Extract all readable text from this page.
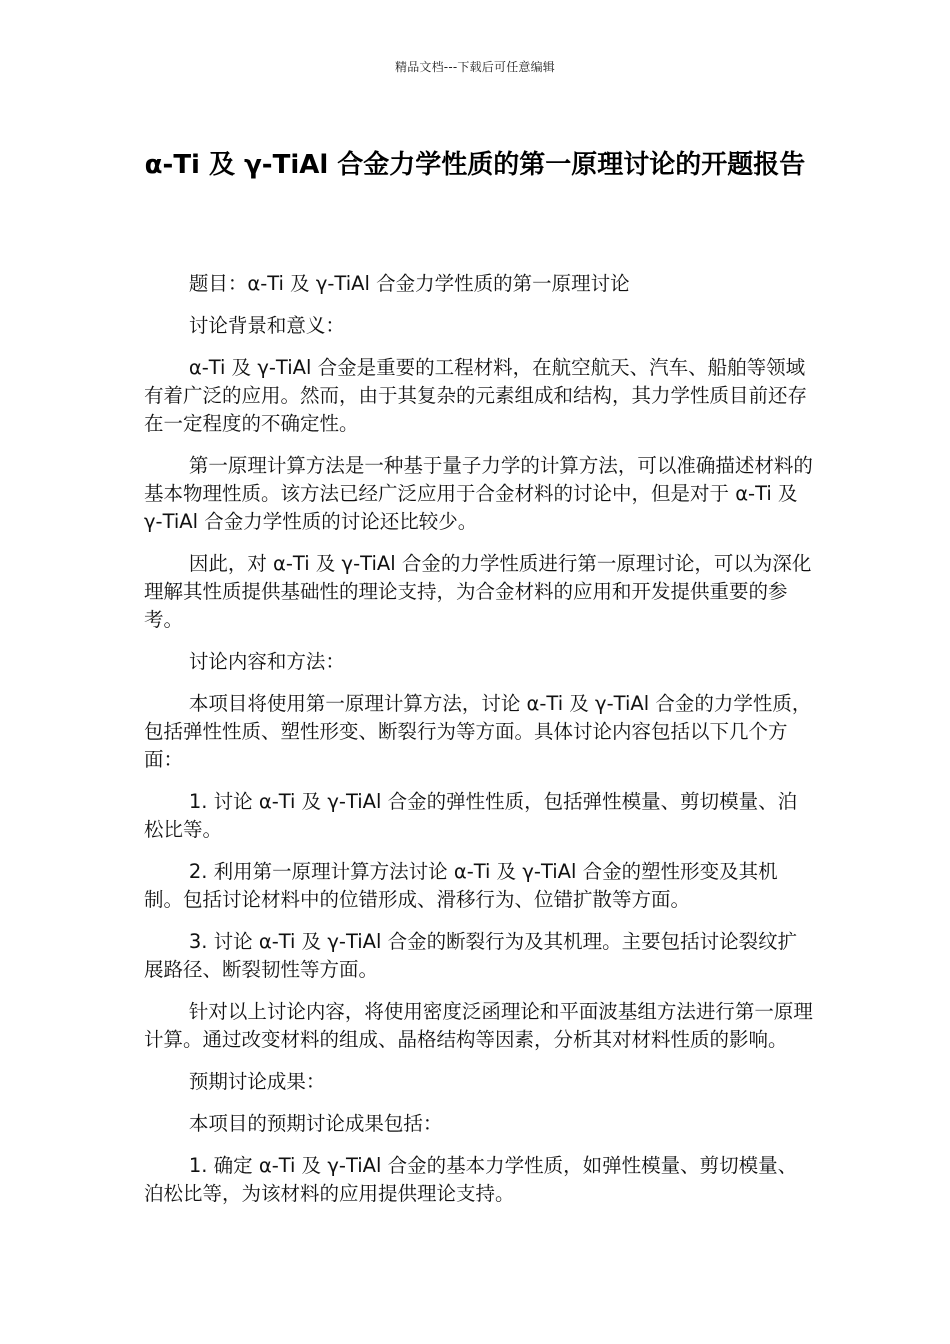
精品文档---下载后可任意编辑
α-Ti 及 γ-TiAl 合金力学性质的第一原理讨论的开题报告

题目：α-Ti 及 γ-TiAl 合金力学性质的第一原理讨论

讨论背景和意义：

α-Ti 及 γ-TiAl 合金是重要的工程材料，在航空航天、汽车、船舶等领域有着广泛的应用。然而，由于其复杂的元素组成和结构，其力学性质目前还存在一定程度的不确定性。

第一原理计算方法是一种基于量子力学的计算方法，可以准确描述材料的基本物理性质。该方法已经广泛应用于合金材料的讨论中，但是对于 α-Ti 及 γ-TiAl 合金力学性质的讨论还比较少。

因此，对 α-Ti 及 γ-TiAl 合金的力学性质进行第一原理讨论，可以为深化理解其性质提供基础性的理论支持，为合金材料的应用和开发提供重要的参考。

讨论内容和方法：

本项目将使用第一原理计算方法，讨论 α-Ti 及 γ-TiAl 合金的力学性质，包括弹性性质、塑性形变、断裂行为等方面。具体讨论内容包括以下几个方面：

1. 讨论 α-Ti 及 γ-TiAl 合金的弹性性质，包括弹性模量、剪切模量、泊松比等。

2. 利用第一原理计算方法讨论 α-Ti 及 γ-TiAl 合金的塑性形变及其机制。包括讨论材料中的位错形成、滑移行为、位错扩散等方面。

3. 讨论 α-Ti 及 γ-TiAl 合金的断裂行为及其机理。主要包括讨论裂纹扩展路径、断裂韧性等方面。

针对以上讨论内容，将使用密度泛函理论和平面波基组方法进行第一原理计算。通过改变材料的组成、晶格结构等因素，分析其对材料性质的影响。

预期讨论成果：

本项目的预期讨论成果包括：

1. 确定 α-Ti 及 γ-TiAl 合金的基本力学性质，如弹性模量、剪切模量、泊松比等，为该材料的应用提供理论支持。
